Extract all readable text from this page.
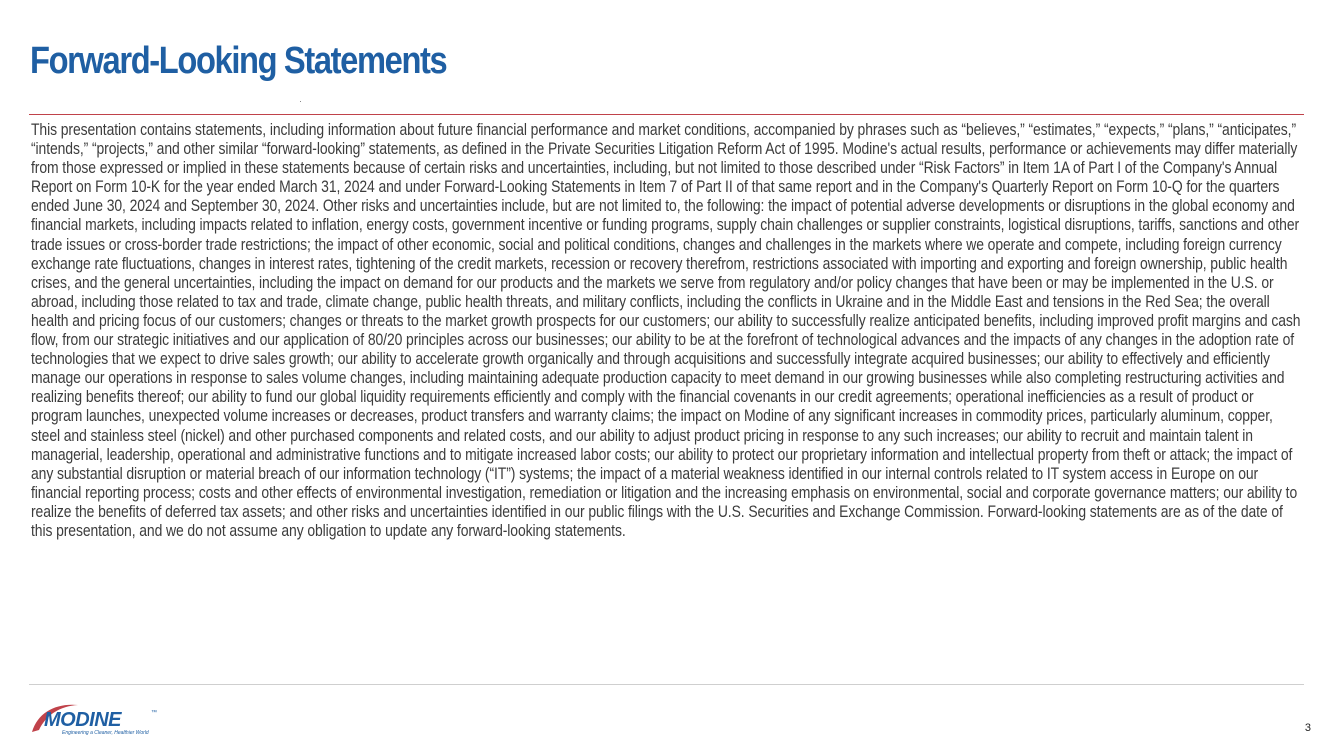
Forward-Looking Statements

This presentation contains statements, including information about future financial performance and market conditions, accompanied by phrases such as “believes,” “estimates,” “expects,” “plans,” “anticipates,” “intends,” “projects,” and other similar “forward-looking” statements, as defined in the Private Securities Litigation Reform Act of 1995. Modine's actual results, performance or achievements may differ materially from those expressed or implied in these statements because of certain risks and uncertainties, including, but not limited to those described under “Risk Factors” in Item 1A of Part I of the Company's Annual Report on Form 10-K for the year ended March 31, 2024 and under Forward-Looking Statements in Item 7 of Part II of that same report and in the Company's Quarterly Report on Form 10-Q for the quarters ended June 30, 2024 and September 30, 2024. Other risks and uncertainties include, but are not limited to, the following: the impact of potential adverse developments or disruptions in the global economy and financial markets, including impacts related to inflation, energy costs, government incentive or funding programs, supply chain challenges or supplier constraints, logistical disruptions, tariffs, sanctions and other trade issues or cross-border trade restrictions; the impact of other economic, social and political conditions, changes and challenges in the markets where we operate and compete, including foreign currency exchange rate fluctuations, changes in interest rates, tightening of the credit markets, recession or recovery therefrom, restrictions associated with importing and exporting and foreign ownership, public health crises, and the general uncertainties, including the impact on demand for our products and the markets we serve from regulatory and/or policy changes that have been or may be implemented in the U.S. or abroad, including those related to tax and trade, climate change, public health threats, and military conflicts, including the conflicts in Ukraine and in the Middle East and tensions in the Red Sea; the overall health and pricing focus of our customers; changes or threats to the market growth prospects for our customers; our ability to successfully realize anticipated benefits, including improved profit margins and cash flow, from our strategic initiatives and our application of 80/20 principles across our businesses; our ability to be at the forefront of technological advances and the impacts of any changes in the adoption rate of technologies that we expect to drive sales growth; our ability to accelerate growth organically and through acquisitions and successfully integrate acquired businesses; our ability to effectively and efficiently manage our operations in response to sales volume changes, including maintaining adequate production capacity to meet demand in our growing businesses while also completing restructuring activities and realizing benefits thereof; our ability to fund our global liquidity requirements efficiently and comply with the financial covenants in our credit agreements; operational inefficiencies as a result of product or program launches, unexpected volume increases or decreases, product transfers and warranty claims; the impact on Modine of any significant increases in commodity prices, particularly aluminum, copper, steel and stainless steel (nickel) and other purchased components and related costs, and our ability to adjust product pricing in response to any such increases; our ability to recruit and maintain talent in managerial, leadership, operational and administrative functions and to mitigate increased labor costs; our ability to protect our proprietary information and intellectual property from theft or attack; the impact of any substantial disruption or material breach of our information technology (“IT”) systems; the impact of a material weakness identified in our internal controls related to IT system access in Europe on our financial reporting process; costs and other effects of environmental investigation, remediation or litigation and the increasing emphasis on environmental, social and corporate governance matters; our ability to realize the benefits of deferred tax assets; and other risks and uncertainties identified in our public filings with the U.S. Securities and Exchange Commission. Forward-looking statements are as of the date of this presentation, and we do not assume any obligation to update any forward-looking statements.

MODINE	™
Engineering a Cleaner, Healthier World	3
